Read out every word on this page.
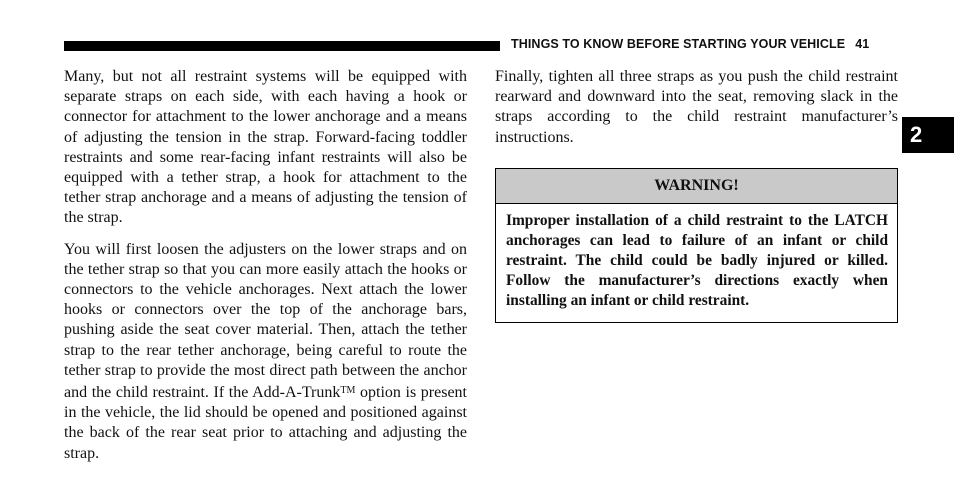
THINGS TO KNOW BEFORE STARTING YOUR VEHICLE 41

Many, but not all restraint systems will be equipped with separate straps on each side, with each having a hook or connector for attachment to the lower anchorage and a means of adjusting the tension in the strap. Forward-facing toddler restraints and some rear-facing infant restraints will also be equipped with a tether strap, a hook for attachment to the tether strap anchorage and a means of adjusting the tension of the strap.

You will first loosen the adjusters on the lower straps and on the tether strap so that you can more easily attach the hooks or connectors to the vehicle anchorages. Next attach the lower hooks or connectors over the top of the anchorage bars, pushing aside the seat cover material. Then, attach the tether strap to the rear tether anchorage, being careful to route the tether strap to provide the most direct path between the anchor and the child restraint. If the Add-A-Trunk™ option is present in the vehicle, the lid should be opened and positioned against the back of the rear seat prior to attaching and adjusting the strap.

Finally, tighten all three straps as you push the child restraint rearward and downward into the seat, removing slack in the straps according to the child restraint manufacturer’s instructions.	2
WARNING!
Improper installation of a child restraint to the LATCH anchorages can lead to failure of an infant or child restraint. The child could be badly injured or killed. Follow the manufacturer’s directions exactly when installing an infant or child restraint.
